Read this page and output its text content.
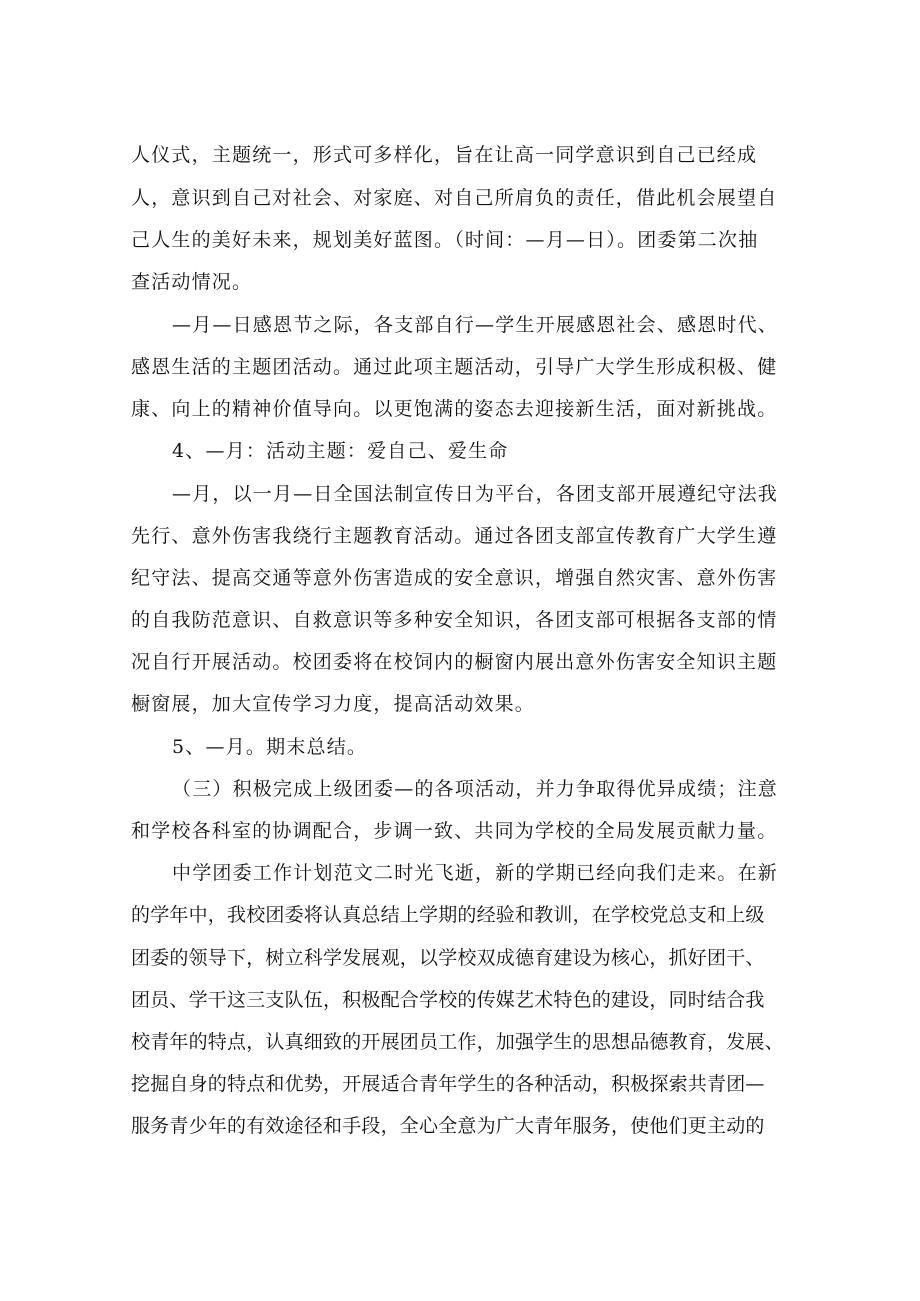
人仪式，主题统一，形式可多样化，旨在让高一同学意识到自己已经成
人，意识到自己对社会、对家庭、对自己所肩负的责任，借此机会展望自
己人生的美好未来，规划美好蓝图。（时间：—月—日）。团委第二次抽
查活动情况。
—月—日感恩节之际，各支部自行—学生开展感恩社会、感恩时代、
感恩生活的主题团活动。通过此项主题活动，引导广大学生形成积极、健
康、向上的精神价值导向。以更饱满的姿态去迎接新生活，面对新挑战。
4、—月：活动主题：爱自己、爱生命
—月，以一月—日全国法制宣传日为平台，各团支部开展遵纪守法我
先行、意外伤害我绕行主题教育活动。通过各团支部宣传教育广大学生遵
纪守法、提高交通等意外伤害造成的安全意识，增强自然灾害、意外伤害
的自我防范意识、自救意识等多种安全知识，各团支部可根据各支部的情
况自行开展活动。校团委将在校饲内的橱窗内展出意外伤害安全知识主题
橱窗展，加大宣传学习力度，提高活动效果。
5、—月。期末总结。
（三）积极完成上级团委—的各项活动，并力争取得优异成绩；注意
和学校各科室的协调配合，步调一致、共同为学校的全局发展贡献力量。
中学团委工作计划范文二时光飞逝，新的学期已经向我们走来。在新
的学年中，我校团委将认真总结上学期的经验和教训，在学校党总支和上级
团委的领导下，树立科学发展观，以学校双成德育建设为核心，抓好团干、
团员、学干这三支队伍，积极配合学校的传媒艺术特色的建设，同时结合我
校青年的特点，认真细致的开展团员工作，加强学生的思想品德教育，发展、
挖掘自身的特点和优势，开展适合青年学生的各种活动，积极探索共青团—
服务青少年的有效途径和手段，全心全意为广大青年服务，使他们更主动的
